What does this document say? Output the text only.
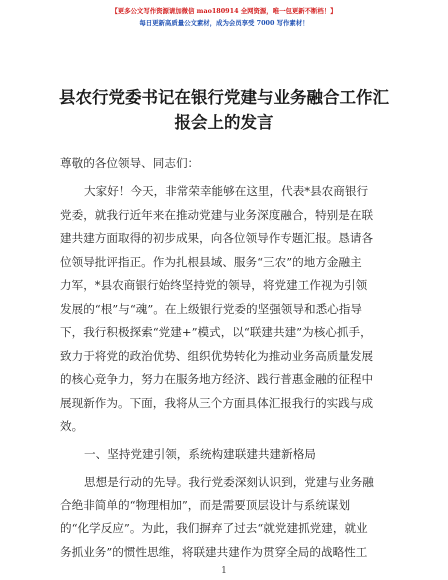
【更多公文写作资源请加微信 mao180914 全网资源，唯一包更新不断档！】
每日更新高质量公文素材，成为会员享受 7000 写作素材！
县农行党委书记在银行党建与业务融合工作汇
报会上的发言
尊敬的各位领导、同志们：
大家好！今天，非常荣幸能够在这里，代表*县农商银行
党委，就我行近年来在推动党建与业务深度融合，特别是在联
建共建方面取得的初步成果，向各位领导作专题汇报。恳请各
位领导批评指正。作为扎根县域、服务“三农”的地方金融主
力军，*县农商银行始终坚持党的领导，将党建工作视为引领
发展的“根”与“魂”。在上级银行党委的坚强领导和悉心指导
下，我行积极探索“党建+”模式，以“联建共建”为核心抓手，
致力于将党的政治优势、组织优势转化为推动业务高质量发展
的核心竞争力，努力在服务地方经济、践行普惠金融的征程中
展现新作为。下面，我将从三个方面具体汇报我行的实践与成
效。
一、坚持党建引领，系统构建联建共建新格局
思想是行动的先导。我行党委深刻认识到，党建与业务融
合绝非简单的“物理相加”，而是需要顶层设计与系统谋划
的“化学反应”。为此，我们摒弃了过去“就党建抓党建，就业
务抓业务”的惯性思维，将联建共建作为贯穿全局的战略性工
1
